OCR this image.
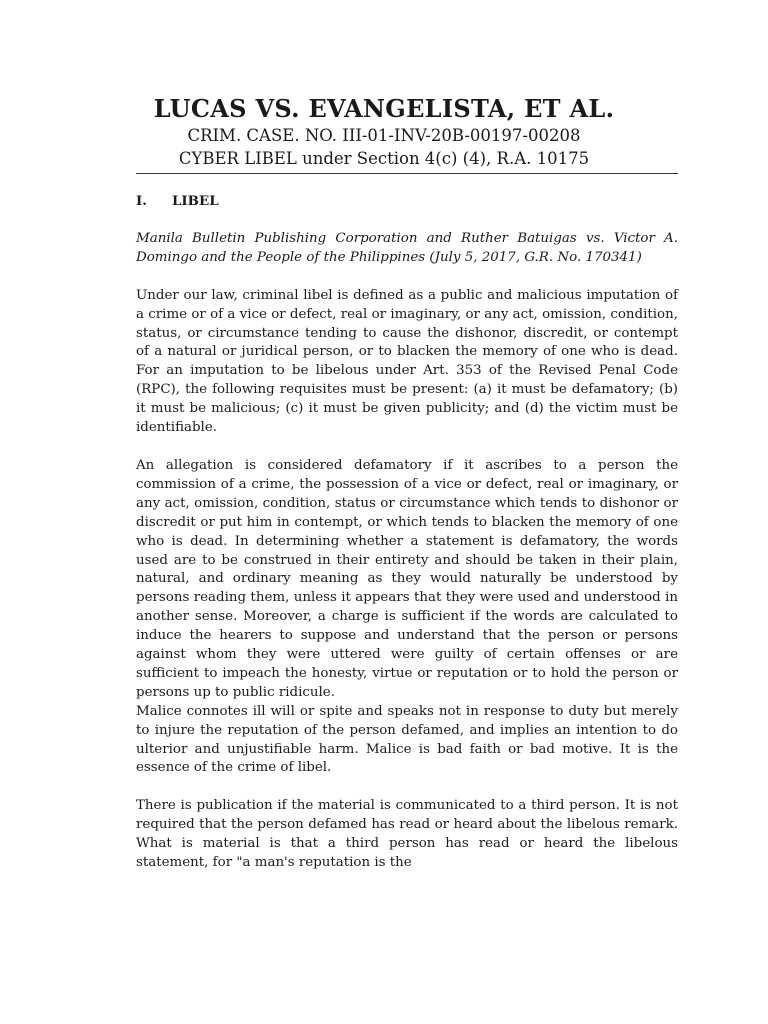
LUCAS VS. EVANGELISTA, ET AL.

CRIM. CASE. NO. III-01-INV-20B-00197-00208

CYBER LIBEL under Section 4(c) (4), R.A. 10175

I.	LIBEL

Manila Bulletin Publishing Corporation and Ruther Batuigas vs. Victor A. Domingo and the People of the Philippines (July 5, 2017, G.R. No. 170341)

Under our law, criminal libel is defined as a public and malicious imputation of a crime or of a vice or defect, real or imaginary, or any act, omission, condition, status, or circumstance tending to cause the dishonor, discredit, or contempt of a natural or juridical person, or to blacken the memory of one who is dead. For an imputation to be libelous under Art. 353 of the Revised Penal Code (RPC), the following requisites must be present: (a) it must be defamatory; (b) it must be malicious; (c) it must be given publicity; and (d) the victim must be identifiable.

An allegation is considered defamatory if it ascribes to a person the commission of a crime, the possession of a vice or defect, real or imaginary, or any act, omission, condition, status or circumstance which tends to dishonor or discredit or put him in contempt, or which tends to blacken the memory of one who is dead. In determining whether a statement is defamatory, the words used are to be construed in their entirety and should be taken in their plain, natural, and ordinary meaning as they would naturally be understood by persons reading them, unless it appears that they were used and understood in another sense. Moreover, a charge is sufficient if the words are calculated to induce the hearers to suppose and understand that the person or persons against whom they were uttered were guilty of certain offenses or are sufficient to impeach the honesty, virtue or reputation or to hold the person or persons up to public ridicule.

Malice connotes ill will or spite and speaks not in response to duty but merely to injure the reputation of the person defamed, and implies an intention to do ulterior and unjustifiable harm. Malice is bad faith or bad motive. It is the essence of the crime of libel.

There is publication if the material is communicated to a third person. It is not required that the person defamed has read or heard about the libelous remark. What is material is that a third person has read or heard the libelous statement, for "a man's reputation is the
